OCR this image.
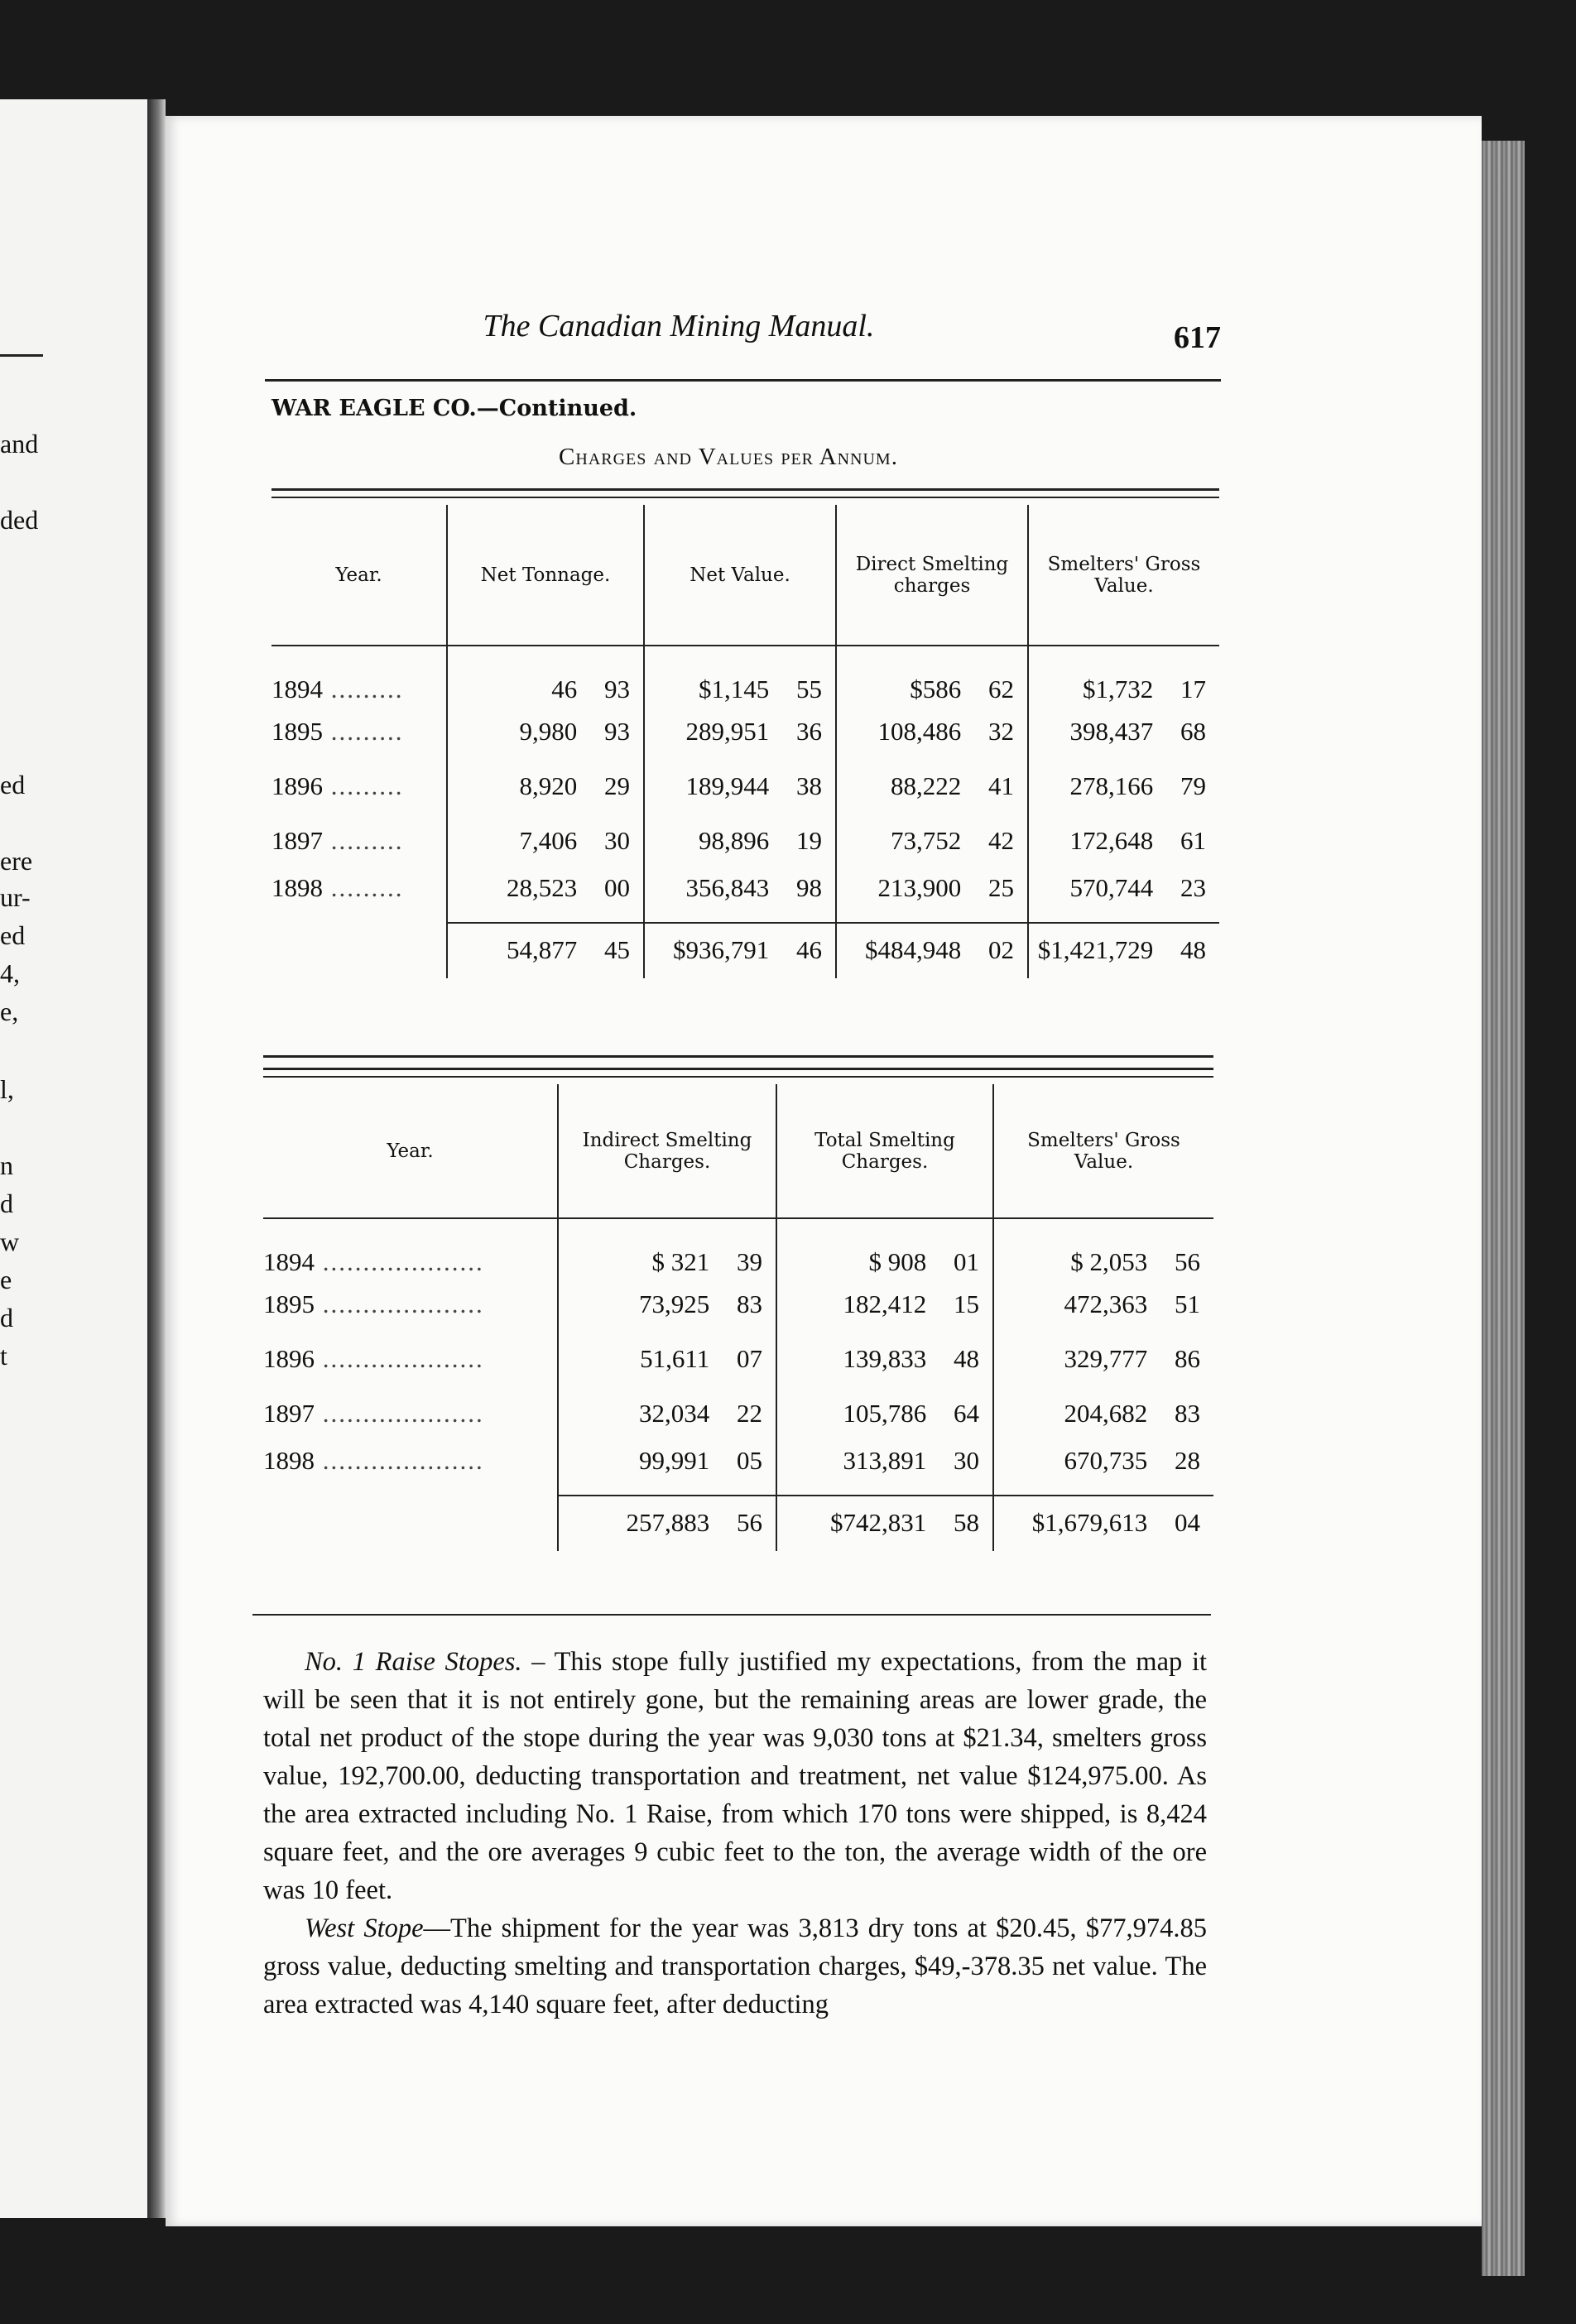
and
ded
ed
ere
ur-
ed
4,
e,
l,
n
d
w
e
d
t
The Canadian Mining Manual.	617
WAR EAGLE CO.—Continued.
Charges and Values per Annum.
Year.	Net Tonnage.	Net Value.	Direct Smelting charges	Smelters' Gross Value.
1894 .........	46 93	$1,145 55	$586 62	$1,732 17
1895 .........	9,980 93	289,951 36	108,486 32	398,437 68
1896 .........	8,920 29	189,944 38	88,222 41	278,166 79
1897 .........	7,406 30	98,896 19	73,752 42	172,648 61
1898 .........	28,523 00	356,843 98	213,900 25	570,744 23
	54,877 45	$936,791 46	$484,948 02	$1,421,729 48
Year.	Indirect Smelting Charges.	Total Smelting Charges.	Smelters' Gross Value.
1894 ....................	$ 321 39	$ 908 01	$ 2,053 56
1895 ....................	73,925 83	182,412 15	472,363 51
1896 ....................	51,611 07	139,833 48	329,777 86
1897 ....................	32,034 22	105,786 64	204,682 83
1898 ....................	99,991 05	313,891 30	670,735 28
	257,883 56	$742,831 58	$1,679,613 04

No. 1 Raise Stopes. – This stope fully justified my expectations, from the map it will be seen that it is not entirely gone, but the remaining areas are lower grade, the total net product of the stope during the year was 9,030 tons at $21.34, smelters gross value, 192,700.00, deducting transportation and treatment, net value $124,975.00. As the area extracted including No. 1 Raise, from which 170 tons were shipped, is 8,424 square feet, and the ore averages 9 cubic feet to the ton, the average width of the ore was 10 feet.

West Stope—The shipment for the year was 3,813 dry tons at $20.45, $77,974.85 gross value, deducting smelting and transportation charges, $49,-378.35 net value. The area extracted was 4,140 square feet, after deducting
